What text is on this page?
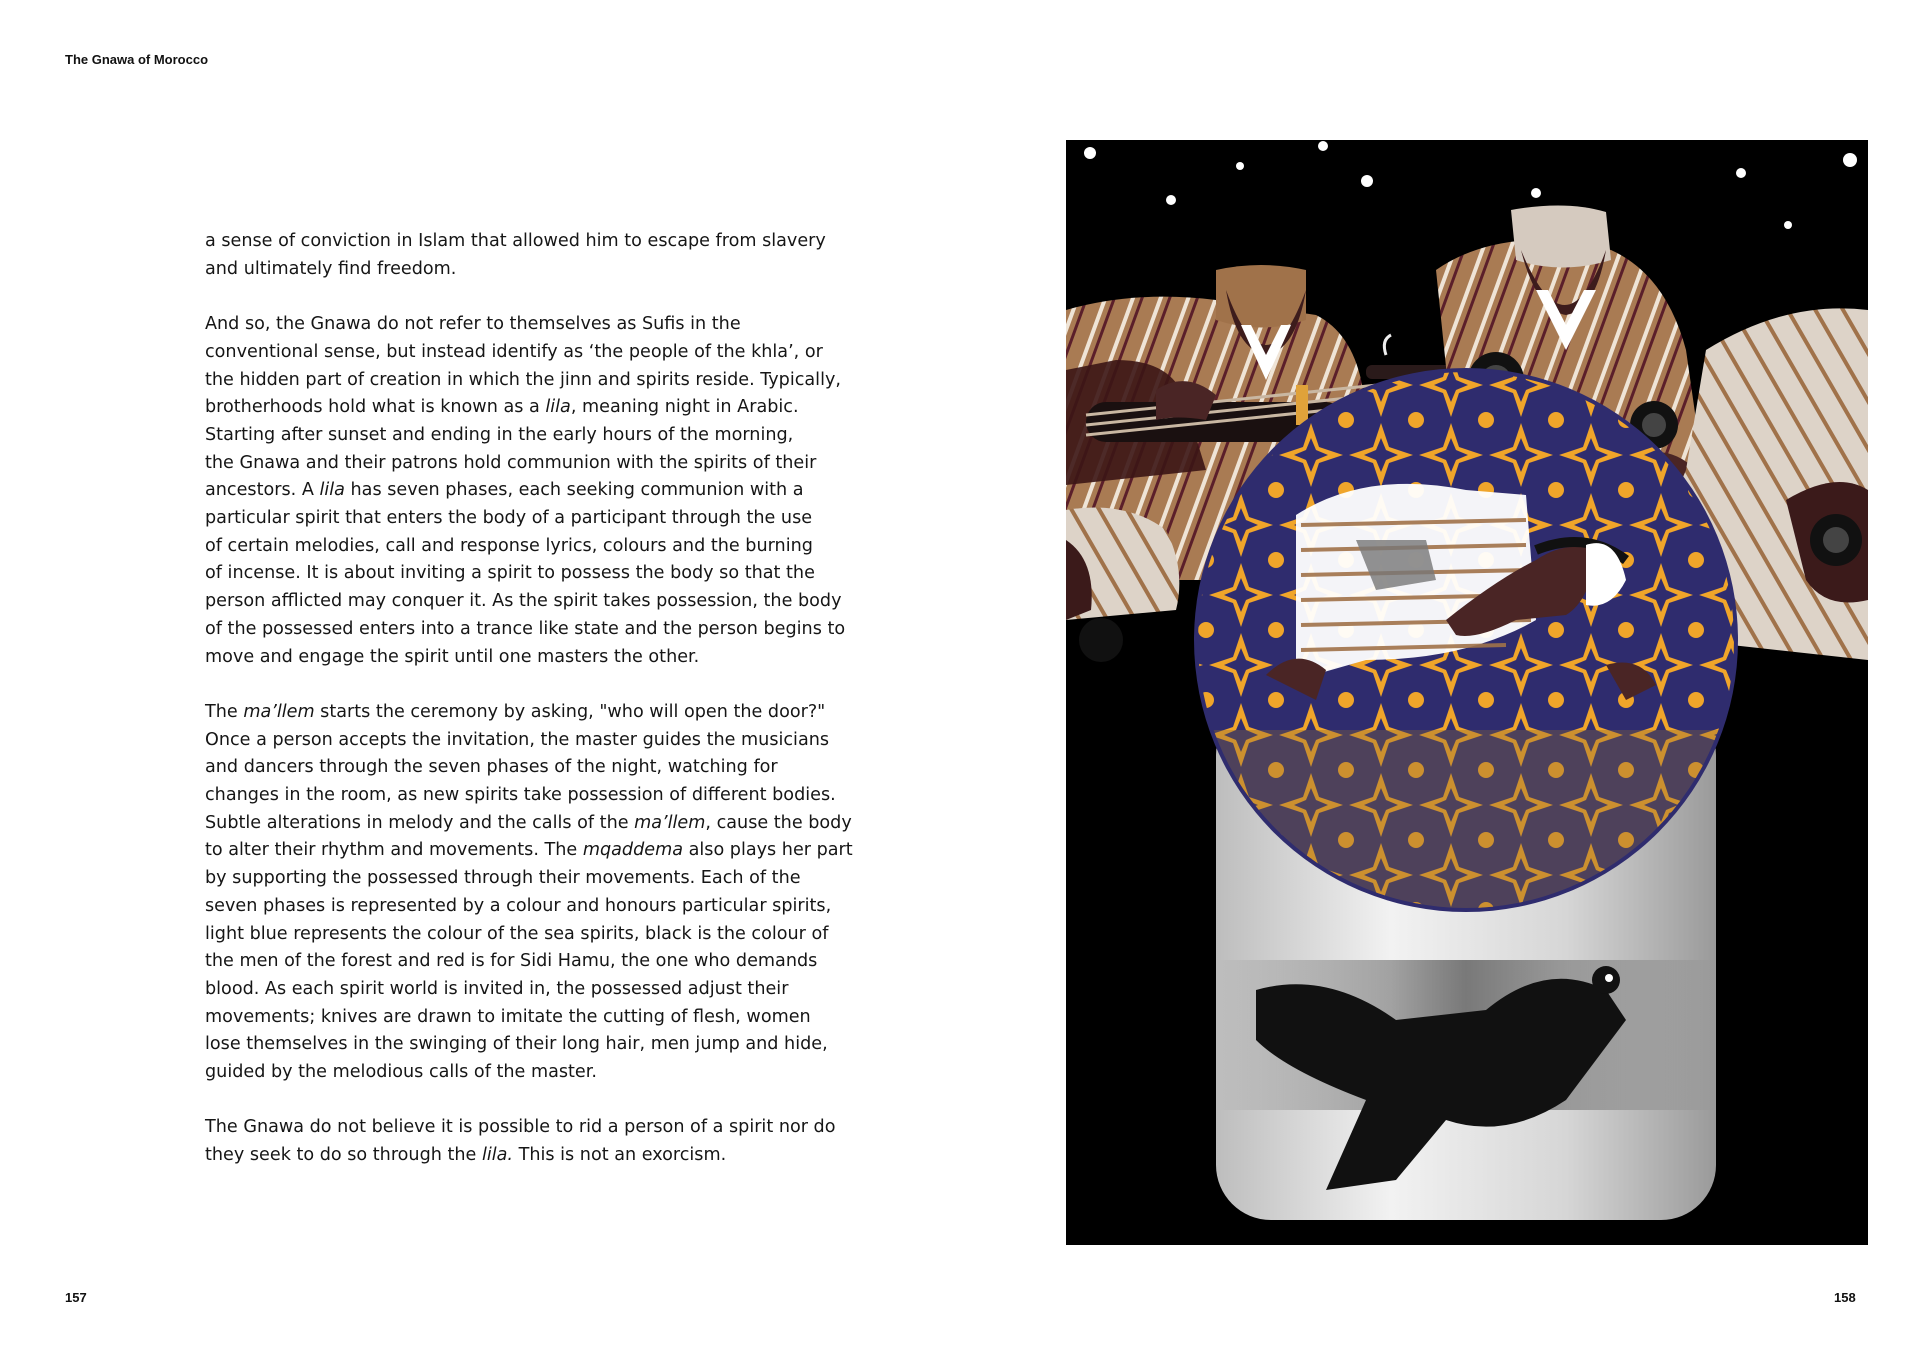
The Gnawa of Morocco

a sense of conviction in Islam that allowed him to escape from slavery
and ultimately find freedom.

And so, the Gnawa do not refer to themselves as Sufis in the
conventional sense, but instead identify as ‘the people of the khla’, or
the hidden part of creation in which the jinn and spirits reside. Typically,
brotherhoods hold what is known as a lila, meaning night in Arabic.
Starting after sunset and ending in the early hours of the morning,
the Gnawa and their patrons hold communion with the spirits of their
ancestors. A lila has seven phases, each seeking communion with a
particular spirit that enters the body of a participant through the use
of certain melodies, call and response lyrics, colours and the burning
of incense. It is about inviting a spirit to possess the body so that the
person afflicted may conquer it. As the spirit takes possession, the body
of the possessed enters into a trance like state and the person begins to
move and engage the spirit until one masters the other.

The ma’llem starts the ceremony by asking, "who will open the door?"
Once a person accepts the invitation, the master guides the musicians
and dancers through the seven phases of the night, watching for
changes in the room, as new spirits take possession of different bodies.
Subtle alterations in melody and the calls of the ma’llem, cause the body
to alter their rhythm and movements. The mqaddema also plays her part
by supporting the possessed through their movements. Each of the
seven phases is represented by a colour and honours particular spirits,
light blue represents the colour of the sea spirits, black is the colour of
the men of the forest and red is for Sidi Hamu, the one who demands
blood. As each spirit world is invited in, the possessed adjust their
movements; knives are drawn to imitate the cutting of flesh, women
lose themselves in the swinging of their long hair, men jump and hide,
guided by the melodious calls of the master.

The Gnawa do not believe it is possible to rid a person of a spirit nor do
they seek to do so through the lila. This is not an exorcism.

157	158
